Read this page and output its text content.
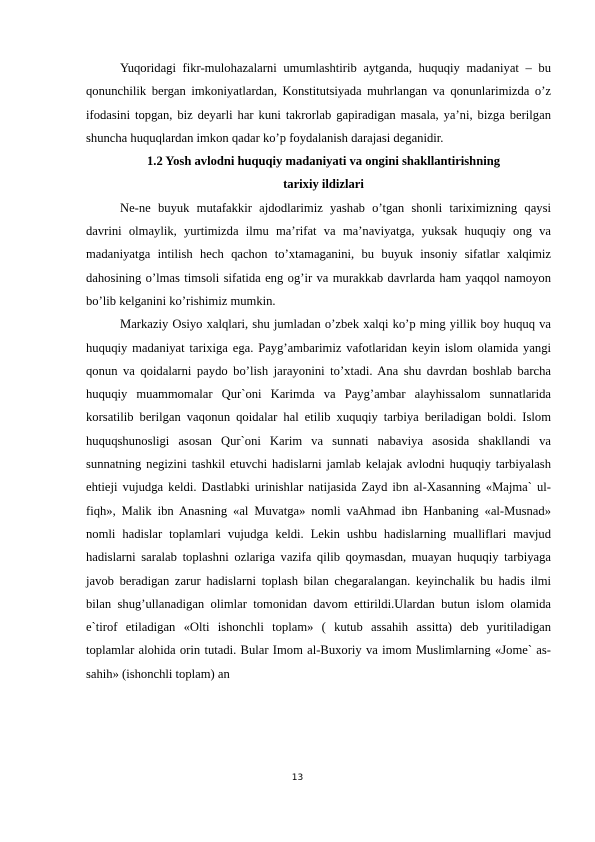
Yuqoridagi fikr-mulohazalarni umumlashtirib aytganda, huquqiy madaniyat – bu qonunchilik bergan imkoniyatlardan, Konstitutsiyada muhrlangan va qonunlarimizda o’z ifodasini topgan, biz deyarli har kuni takrorlab gapiradigan masala, ya’ni, bizga berilgan shuncha huquqlardan imkon qadar ko’p foydalanish darajasi deganidir.

1.2 Yosh avlodni huquqiy madaniyati va ongini shakllantirishning
tarixiy ildizlari

Ne-ne buyuk mutafakkir ajdodlarimiz yashab o’tgan shonli tariximizning qaysi davrini olmaylik, yurtimizda ilmu ma’rifat va ma’naviyatga, yuksak huquqiy ong va madaniyatga intilish hech qachon to’xtamaganini, bu buyuk insoniy sifatlar xalqimiz dahosining o’lmas timsoli sifatida eng og’ir va murakkab davrlarda ham yaqqol namoyon bo’lib kelganini ko’rishimiz mumkin.

Markaziy Osiyo xalqlari, shu jumladan o’zbek xalqi ko’p ming yillik boy huquq va huquqiy madaniyat tarixiga ega. Payg’ambarimiz vafotlaridan keyin islom olamida yangi qonun va qoidalarni paydo bo’lish jarayonini to’xtadi. Ana shu davrdan boshlab barcha huquqiy muammomalar Qur`oni Karimda va Payg’ambar alayhissalom sunnatlarida korsatilib berilgan vaqonun qoidalar hal etilib xuquqiy tarbiya beriladigan boldi. Islom huquqshunosligi asosan Qur`oni Karim va sunnati nabaviya asosida shakllandi va sunnatning negizini tashkil etuvchi hadislarni jamlab kelajak avlodni huquqiy tarbiyalash ehtieji vujudga keldi. Dastlabki urinishlar natijasida Zayd ibn al-Xasanning «Majma` ul-fiqh», Malik ibn Anasning «al Muvatga» nomli vaAhmad ibn Hanbaning «al-Musnad» nomli hadislar toplamlari vujudga keldi. Lekin ushbu hadislarning mualliflari mavjud hadislarni saralab toplashni ozlariga vazifa qilib qoymasdan, muayan huquqiy tarbiyaga javob beradigan zarur hadislarni toplash bilan chegaralangan. keyinchalik bu hadis ilmi bilan shug’ullanadigan olimlar tomonidan davom ettirildi.Ulardan butun islom olamida e`tirof etiladigan «Olti ishonchli toplam» ( kutub assahih assitta) deb yuritiladigan toplamlar alohida orin tutadi. Bular Imom al-Buxoriy va imom Muslimlarning «Jome` as-sahih» (ishonchli toplam) an

13
